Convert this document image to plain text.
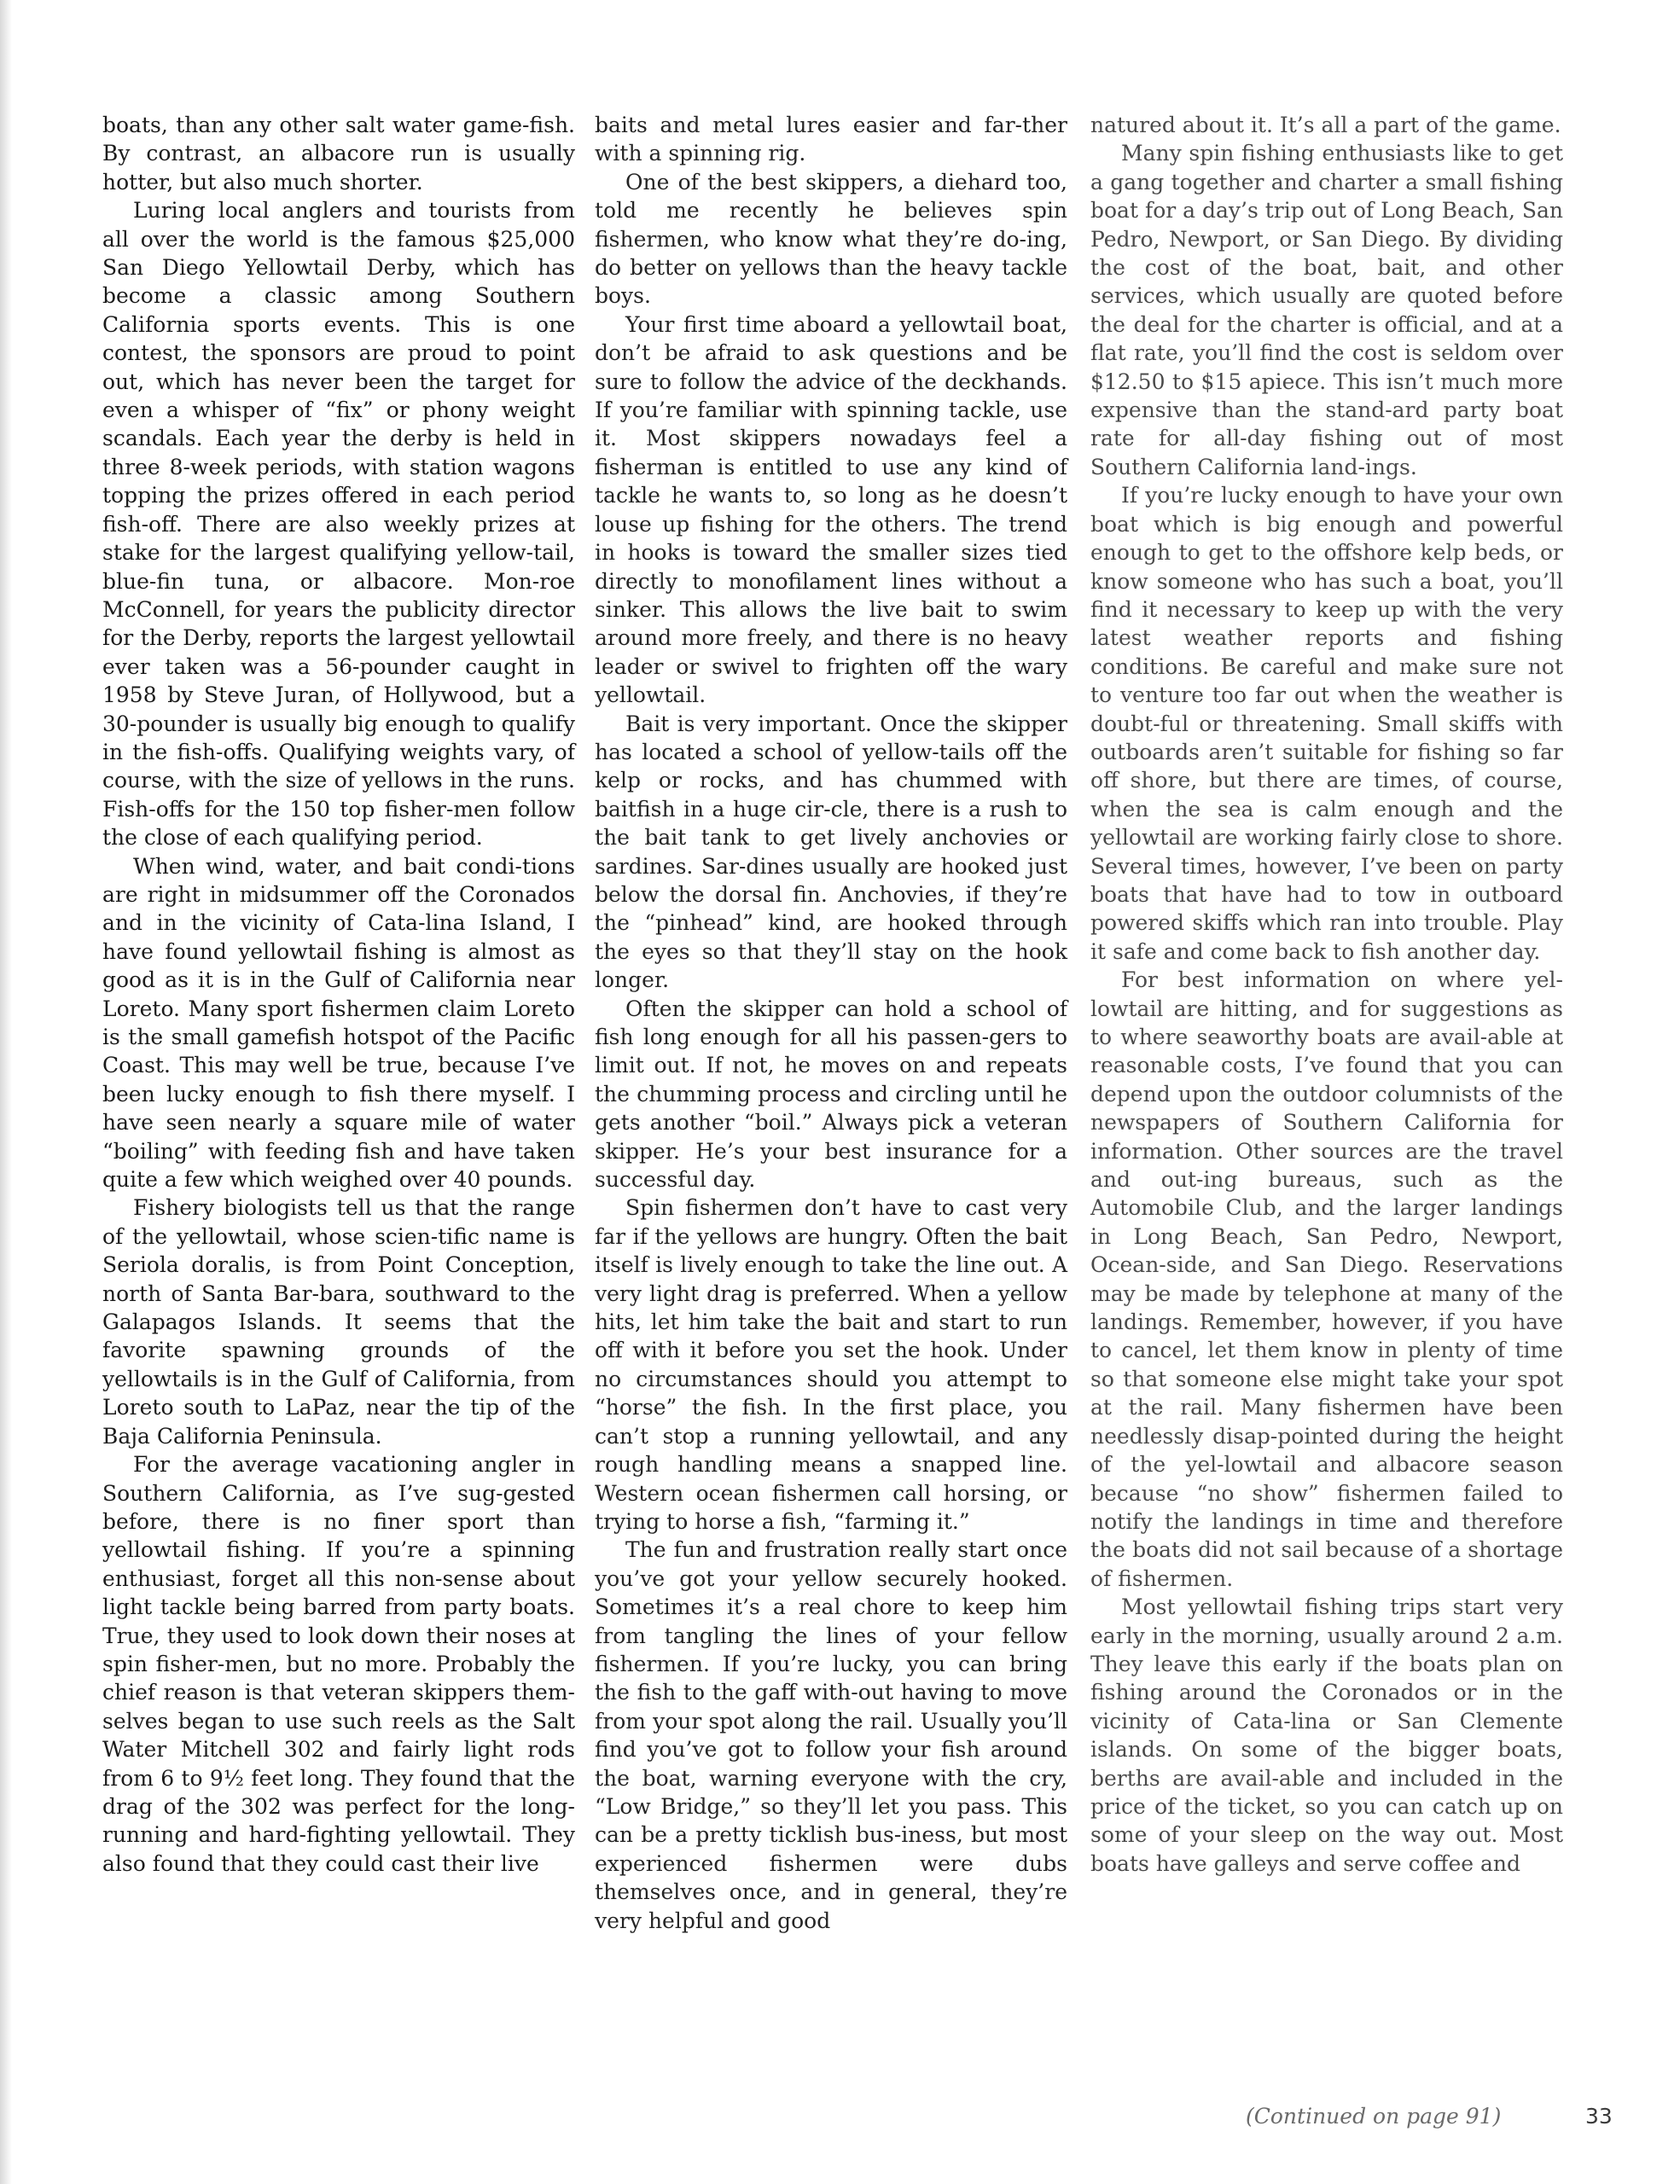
boats, than any other salt water game-fish. By contrast, an albacore run is usually hotter, but also much shorter.

Luring local anglers and tourists from all over the world is the famous $25,000 San Diego Yellowtail Derby, which has become a classic among Southern California sports events. This is one contest, the sponsors are proud to point out, which has never been the target for even a whisper of “fix” or phony weight scandals. Each year the derby is held in three 8-week periods, with station wagons topping the prizes offered in each period fish-off. There are also weekly prizes at stake for the largest qualifying yellow-tail, blue-fin tuna, or albacore. Mon-roe McConnell, for years the publicity director for the Derby, reports the largest yellowtail ever taken was a 56-pounder caught in 1958 by Steve Juran, of Hollywood, but a 30-pounder is usually big enough to qualify in the fish-offs. Qualifying weights vary, of course, with the size of yellows in the runs. Fish-offs for the 150 top fisher-men follow the close of each qualifying period.

When wind, water, and bait condi-tions are right in midsummer off the Coronados and in the vicinity of Cata-lina Island, I have found yellowtail fishing is almost as good as it is in the Gulf of California near Loreto. Many sport fishermen claim Loreto is the small gamefish hotspot of the Pacific Coast. This may well be true, because I’ve been lucky enough to fish there myself. I have seen nearly a square mile of water “boiling” with feeding fish and have taken quite a few which weighed over 40 pounds.

Fishery biologists tell us that the range of the yellowtail, whose scien-tific name is Seriola doralis, is from Point Conception, north of Santa Bar-bara, southward to the Galapagos Islands. It seems that the favorite spawning grounds of the yellowtails is in the Gulf of California, from Loreto south to LaPaz, near the tip of the Baja California Peninsula.

For the average vacationing angler in Southern California, as I’ve sug-gested before, there is no finer sport than yellowtail fishing. If you’re a spinning enthusiast, forget all this non-sense about light tackle being barred from party boats. True, they used to look down their noses at spin fisher-men, but no more. Probably the chief reason is that veteran skippers them-selves began to use such reels as the Salt Water Mitchell 302 and fairly light rods from 6 to 9½ feet long. They found that the drag of the 302 was perfect for the long-running and hard-fighting yellowtail. They also found that they could cast their live

baits and metal lures easier and far-ther with a spinning rig.

One of the best skippers, a diehard too, told me recently he believes spin fishermen, who know what they’re do-ing, do better on yellows than the heavy tackle boys.

Your first time aboard a yellowtail boat, don’t be afraid to ask questions and be sure to follow the advice of the deckhands. If you’re familiar with spinning tackle, use it. Most skippers nowadays feel a fisherman is entitled to use any kind of tackle he wants to, so long as he doesn’t louse up fishing for the others. The trend in hooks is toward the smaller sizes tied directly to monofilament lines without a sinker. This allows the live bait to swim around more freely, and there is no heavy leader or swivel to frighten off the wary yellowtail.

Bait is very important. Once the skipper has located a school of yellow-tails off the kelp or rocks, and has chummed with baitfish in a huge cir-cle, there is a rush to the bait tank to get lively anchovies or sardines. Sar-dines usually are hooked just below the dorsal fin. Anchovies, if they’re the “pinhead” kind, are hooked through the eyes so that they’ll stay on the hook longer.

Often the skipper can hold a school of fish long enough for all his passen-gers to limit out. If not, he moves on and repeats the chumming process and circling until he gets another “boil.” Always pick a veteran skipper. He’s your best insurance for a successful day.

Spin fishermen don’t have to cast very far if the yellows are hungry. Often the bait itself is lively enough to take the line out. A very light drag is preferred. When a yellow hits, let him take the bait and start to run off with it before you set the hook. Under no circumstances should you attempt to “horse” the fish. In the first place, you can’t stop a running yellowtail, and any rough handling means a snapped line. Western ocean fishermen call horsing, or trying to horse a fish, “farming it.”

The fun and frustration really start once you’ve got your yellow securely hooked. Sometimes it’s a real chore to keep him from tangling the lines of your fellow fishermen. If you’re lucky, you can bring the fish to the gaff with-out having to move from your spot along the rail. Usually you’ll find you’ve got to follow your fish around the boat, warning everyone with the cry, “Low Bridge,” so they’ll let you pass. This can be a pretty ticklish bus-iness, but most experienced fishermen were dubs themselves once, and in general, they’re very helpful and good

natured about it. It’s all a part of the game.

Many spin fishing enthusiasts like to get a gang together and charter a small fishing boat for a day’s trip out of Long Beach, San Pedro, Newport, or San Diego. By dividing the cost of the boat, bait, and other services, which usually are quoted before the deal for the charter is official, and at a flat rate, you’ll find the cost is seldom over $12.50 to $15 apiece. This isn’t much more expensive than the stand-ard party boat rate for all-day fishing out of most Southern California land-ings.

If you’re lucky enough to have your own boat which is big enough and powerful enough to get to the offshore kelp beds, or know someone who has such a boat, you’ll find it necessary to keep up with the very latest weather reports and fishing conditions. Be careful and make sure not to venture too far out when the weather is doubt-ful or threatening. Small skiffs with outboards aren’t suitable for fishing so far off shore, but there are times, of course, when the sea is calm enough and the yellowtail are working fairly close to shore. Several times, however, I’ve been on party boats that have had to tow in outboard powered skiffs which ran into trouble. Play it safe and come back to fish another day.

For best information on where yel-lowtail are hitting, and for suggestions as to where seaworthy boats are avail-able at reasonable costs, I’ve found that you can depend upon the outdoor columnists of the newspapers of Southern California for information. Other sources are the travel and out-ing bureaus, such as the Automobile Club, and the larger landings in Long Beach, San Pedro, Newport, Ocean-side, and San Diego. Reservations may be made by telephone at many of the landings. Remember, however, if you have to cancel, let them know in plenty of time so that someone else might take your spot at the rail. Many fishermen have been needlessly disap-pointed during the height of the yel-lowtail and albacore season because “no show” fishermen failed to notify the landings in time and therefore the boats did not sail because of a shortage of fishermen.

Most yellowtail fishing trips start very early in the morning, usually around 2 a.m. They leave this early if the boats plan on fishing around the Coronados or in the vicinity of Cata-lina or San Clemente islands. On some of the bigger boats, berths are avail-able and included in the price of the ticket, so you can catch up on some of your sleep on the way out. Most boats have galleys and serve coffee and

(Continued on page 91)	33
